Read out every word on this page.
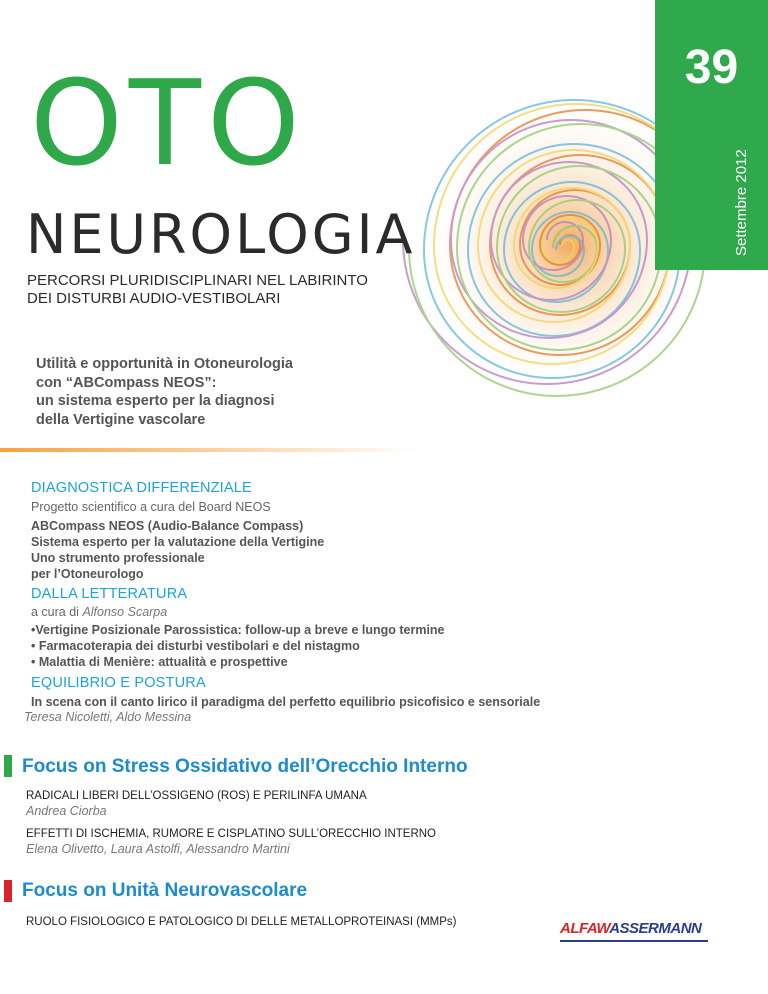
OTO
NEUROLOGIA
PERCORSI PLURIDISCIPLINARI NEL LABIRINTO
DEI DISTURBI AUDIO-VESTIBOLARI
39
Settembre 2012
Utilità e opportunità in Otoneurologia
con “ABCompass NEOS”:
un sistema esperto per la diagnosi
della Vertigine vascolare
DIAGNOSTICA DIFFERENZIALE
Progetto scientifico a cura del Board NEOS
ABCompass NEOS (Audio-Balance Compass)
Sistema esperto per la valutazione della Vertigine
Uno strumento professionale
per l’Otoneurologo
DALLA LETTERATURA
a cura di Alfonso Scarpa
•Vertigine Posizionale Parossistica: follow-up a breve e lungo termine
• Farmacoterapia dei disturbi vestibolari e del nistagmo
• Malattia di Menière: attualità e prospettive
EQUILIBRIO E POSTURA
In scena con il canto lirico il paradigma del perfetto equilibrio psicofisico e sensoriale
Teresa Nicoletti, Aldo Messina
Focus on Stress Ossidativo dell’Orecchio Interno
RADICALI LIBERI DELL’OSSIGENO (ROS) E PERILINFA UMANA
Andrea Ciorba
EFFETTI DI ISCHEMIA, RUMORE E CISPLATINO SULL’ORECCHIO INTERNO
Elena Olivetto, Laura Astolfi, Alessandro Martini
Focus on Unità Neurovascolare
RUOLO FISIOLOGICO E PATOLOGICO DI DELLE METALLOPROTEINASI (MMPs)	ALFAWASSERMANN
